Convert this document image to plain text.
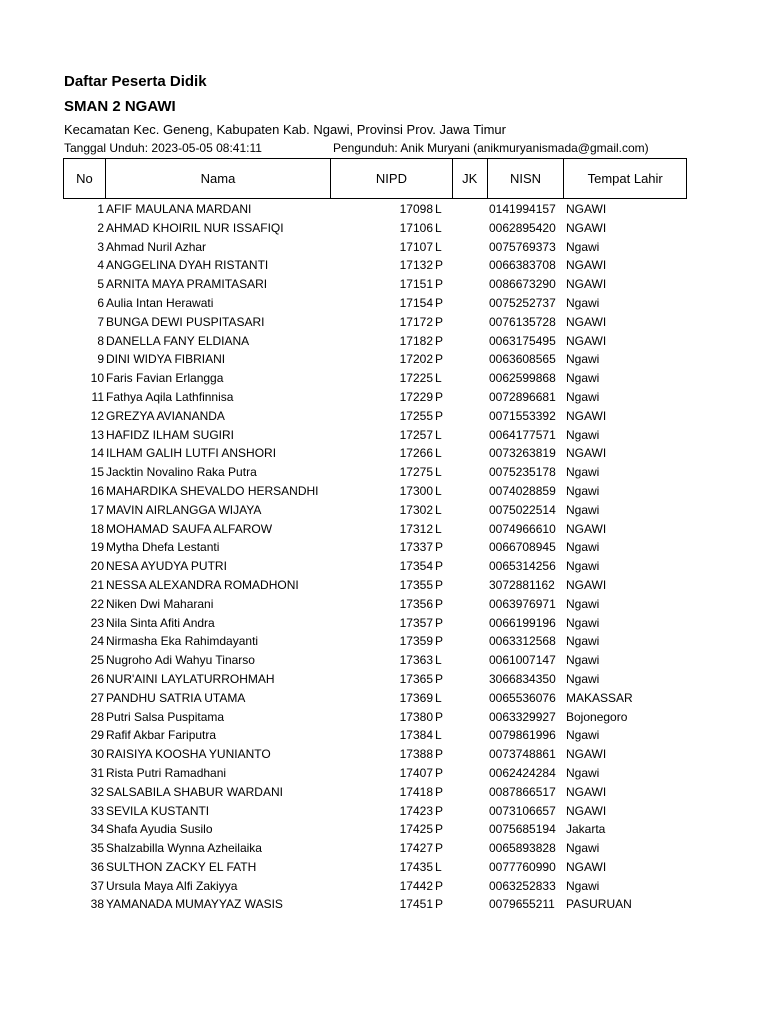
Daftar Peserta Didik
SMAN 2 NGAWI
Kecamatan Kec. Geneng, Kabupaten Kab. Ngawi, Provinsi Prov. Jawa Timur
Tanggal Unduh: 2023-05-05 08:41:11	Pengunduh: Anik Muryani (anikmuryanismada@gmail.com)
No	Nama	NIPD	JK	NISN	Tempat Lahir
1 AFIF MAULANA MARDANI	17098 L	0141994157 NGAWI
2 AHMAD KHOIRIL NUR ISSAFIQI	17106 L	0062895420 NGAWI
3 Ahmad Nuril Azhar	17107 L	0075769373 Ngawi
4 ANGGELINA DYAH RISTANTI	17132 P	0066383708 NGAWI
5 ARNITA MAYA PRAMITASARI	17151 P	0086673290 NGAWI
6 Aulia Intan Herawati	17154 P	0075252737 Ngawi
7 BUNGA DEWI PUSPITASARI	17172 P	0076135728 NGAWI
8 DANELLA FANY ELDIANA	17182 P	0063175495 NGAWI
9 DINI WIDYA FIBRIANI	17202 P	0063608565 Ngawi
10 Faris Favian Erlangga	17225 L	0062599868 Ngawi
11 Fathya Aqila Lathfinnisa	17229 P	0072896681 Ngawi
12 GREZYA AVIANANDA	17255 P	0071553392 NGAWI
13 HAFIDZ ILHAM SUGIRI	17257 L	0064177571 Ngawi
14 ILHAM GALIH LUTFI ANSHORI	17266 L	0073263819 NGAWI
15 Jacktin Novalino Raka Putra	17275 L	0075235178 Ngawi
16 MAHARDIKA SHEVALDO HERSANDHI	17300 L	0074028859 Ngawi
17 MAVIN AIRLANGGA WIJAYA	17302 L	0075022514 Ngawi
18 MOHAMAD SAUFA ALFAROW	17312 L	0074966610 NGAWI
19 Mytha Dhefa Lestanti	17337 P	0066708945 Ngawi
20 NESA AYUDYA PUTRI	17354 P	0065314256 Ngawi
21 NESSA ALEXANDRA ROMADHONI	17355 P	3072881162 NGAWI
22 Niken Dwi Maharani	17356 P	0063976971 Ngawi
23 Nila Sinta Afiti Andra	17357 P	0066199196 Ngawi
24 Nirmasha Eka Rahimdayanti	17359 P	0063312568 Ngawi
25 Nugroho Adi Wahyu Tinarso	17363 L	0061007147 Ngawi
26 NUR'AINI LAYLATURROHMAH	17365 P	3066834350 Ngawi
27 PANDHU SATRIA UTAMA	17369 L	0065536076 MAKASSAR
28 Putri Salsa Puspitama	17380 P	0063329927 Bojonegoro
29 Rafif Akbar Fariputra	17384 L	0079861996 Ngawi
30 RAISIYA KOOSHA YUNIANTO	17388 P	0073748861 NGAWI
31 Rista Putri Ramadhani	17407 P	0062424284 Ngawi
32 SALSABILA SHABUR WARDANI	17418 P	0087866517 NGAWI
33 SEVILA KUSTANTI	17423 P	0073106657 NGAWI
34 Shafa Ayudia Susilo	17425 P	0075685194 Jakarta
35 Shalzabilla Wynna Azheilaika	17427 P	0065893828 Ngawi
36 SULTHON ZACKY EL FATH	17435 L	0077760990 NGAWI
37 Ursula Maya Alfi Zakiyya	17442 P	0063252833 Ngawi
38 YAMANADA MUMAYYAZ WASIS	17451 P	0079655211 PASURUAN
